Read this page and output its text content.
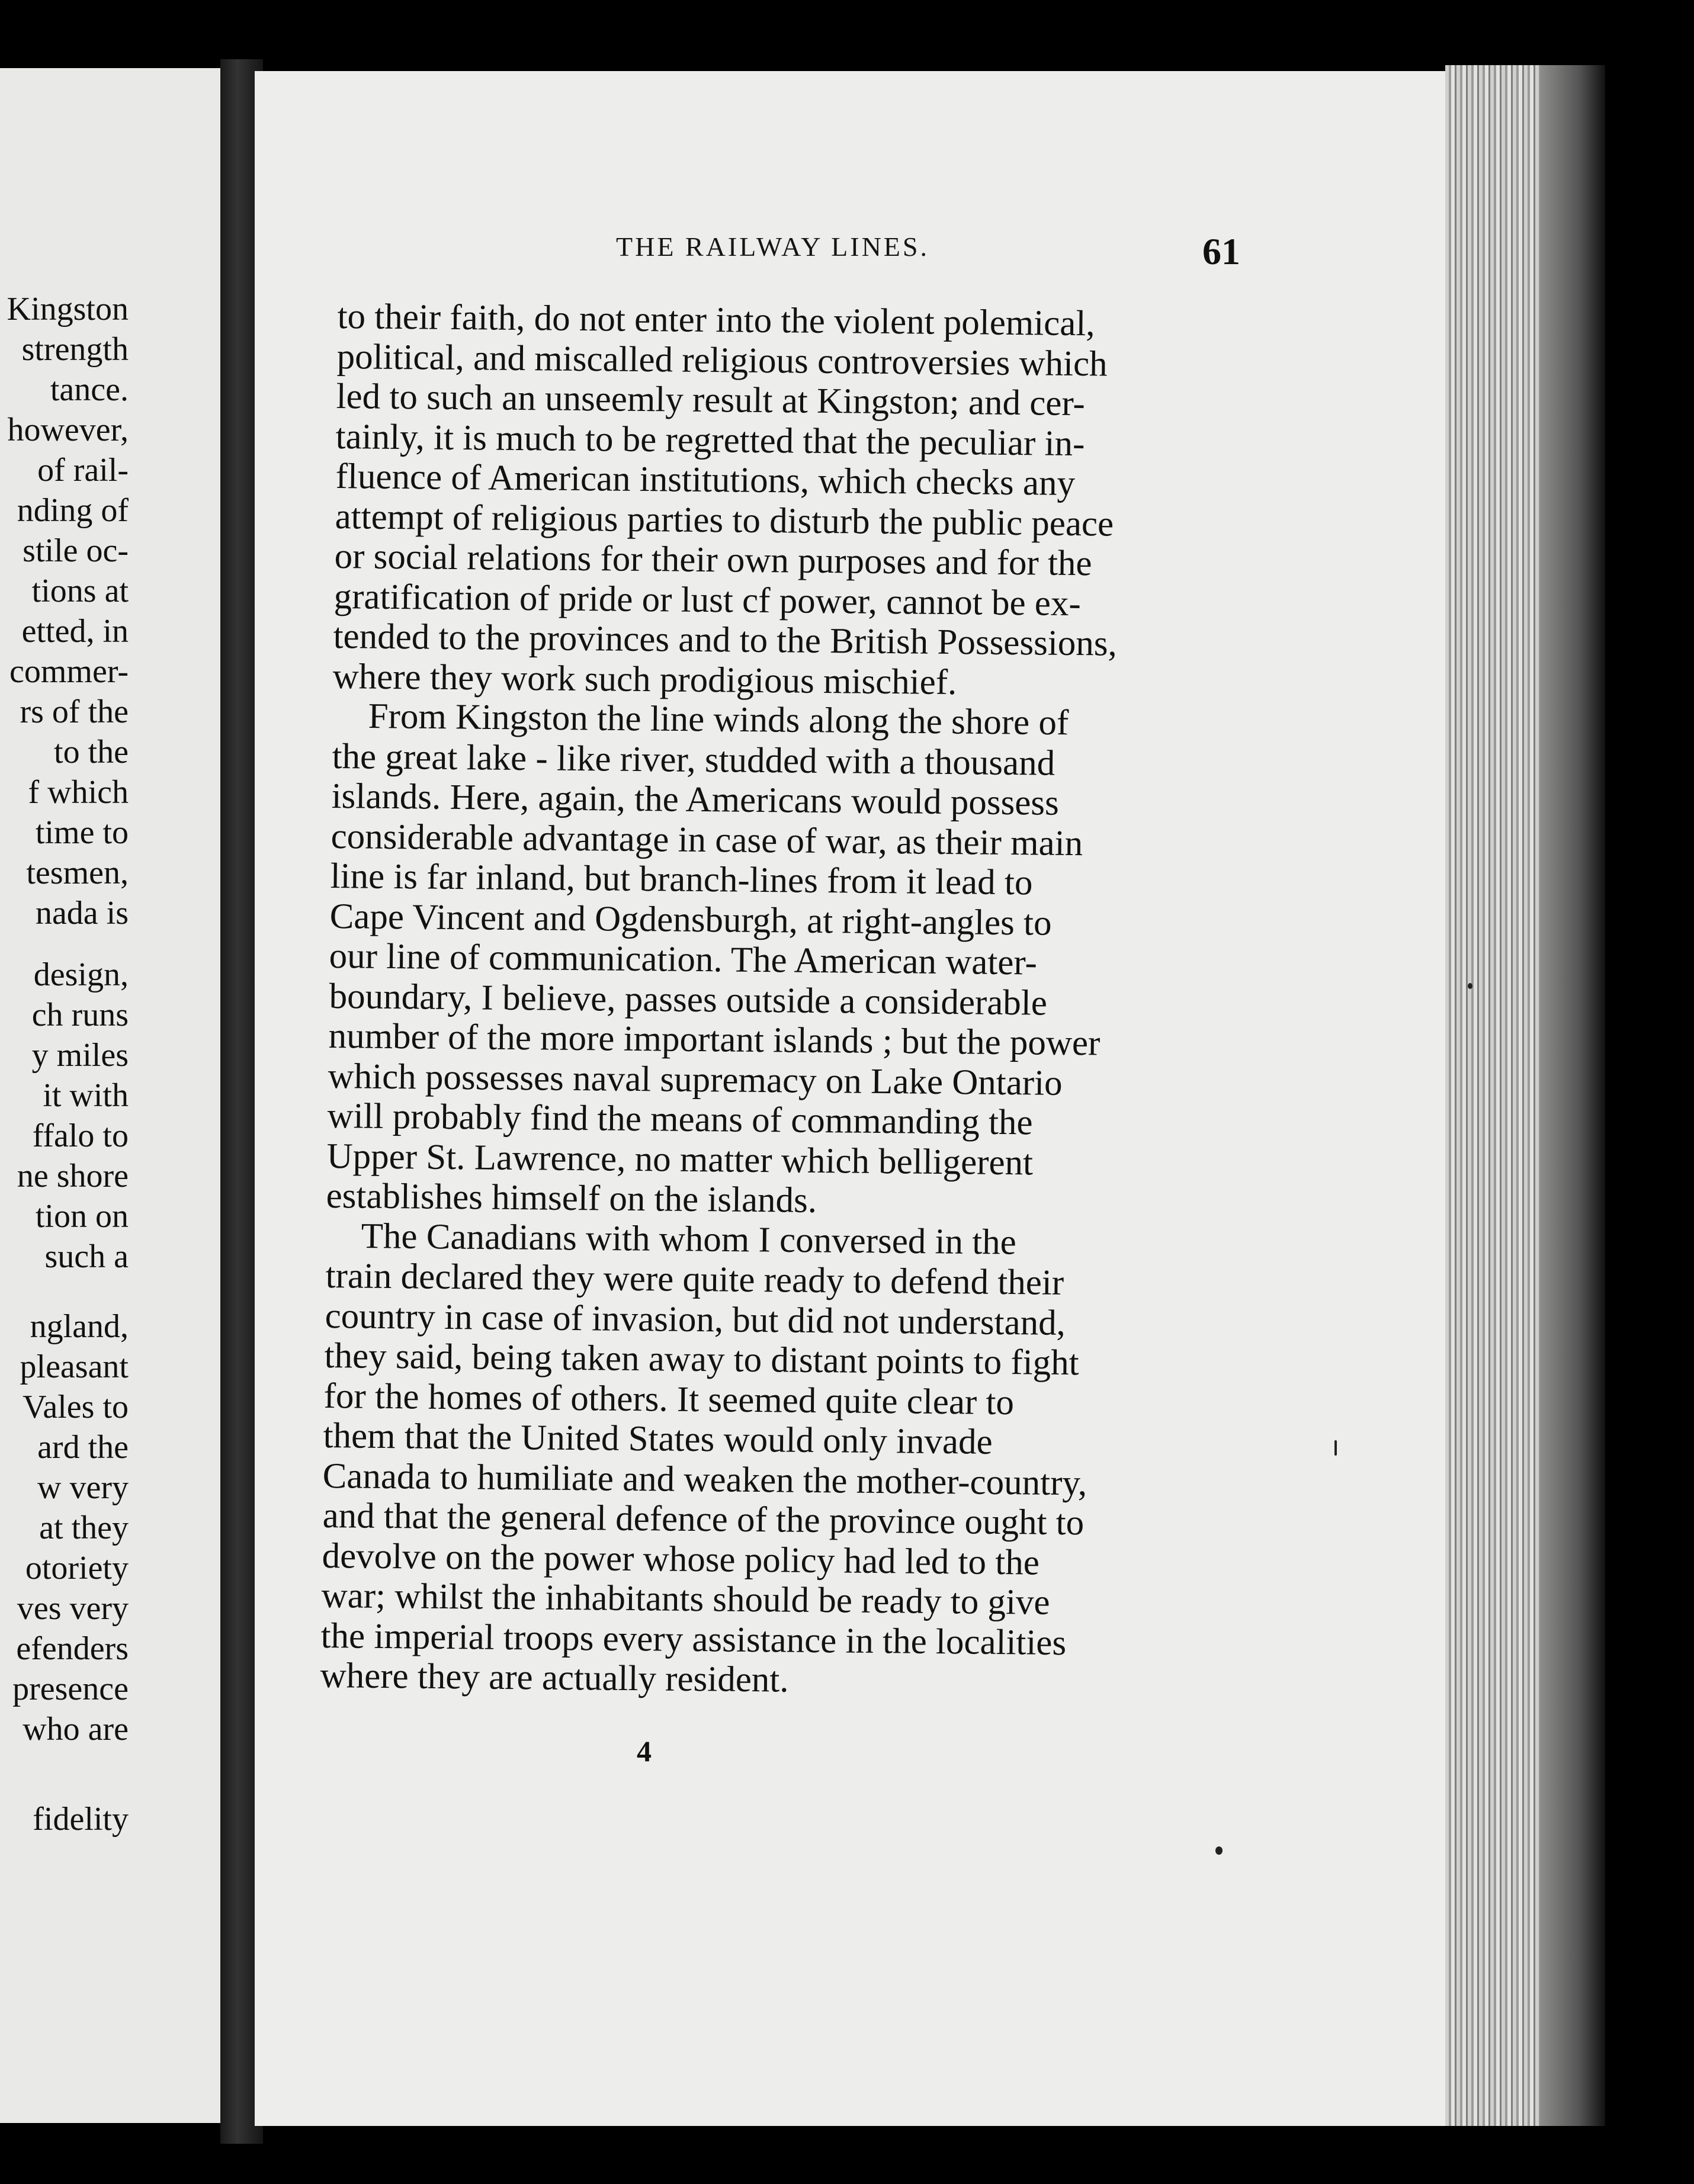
Kingston
strength
tance.
however,
of rail-
nding of
stile oc-
tions at
etted, in
commer-
rs of the
to the
f which
time to
tesmen,
nada is
design,
ch runs
y miles
it with
ffalo to
ne shore
tion on
such a
ngland,
pleasant
Vales to
ard the
w very
at they
otoriety
ves very
efenders
presence
who are
fidelity
THE RAILWAY LINES.	61
to their faith, do not enter into the violent polemical,
political, and miscalled religious controversies which
led to such an unseemly result at Kingston; and cer-
tainly, it is much to be regretted that the peculiar in-
fluence of American institutions, which checks any
attempt of religious parties to disturb the public peace
or social relations for their own purposes and for the
gratification of pride or lust cf power, cannot be ex-
tended to the provinces and to the British Possessions,
where they work such prodigious mischief.
From Kingston the line winds along the shore of
the great lake - like river, studded with a thousand
islands. Here, again, the Americans would possess
considerable advantage in case of war, as their main
line is far inland, but branch-lines from it lead to
Cape Vincent and Ogdensburgh, at right-angles to
our line of communication. The American water-
boundary, I believe, passes outside a considerable
number of the more important islands ; but the power
which possesses naval supremacy on Lake Ontario
will probably find the means of commanding the
Upper St. Lawrence, no matter which belligerent
establishes himself on the islands.
The Canadians with whom I conversed in the
train declared they were quite ready to defend their
country in case of invasion, but did not understand,
they said, being taken away to distant points to fight
for the homes of others. It seemed quite clear to
them that the United States would only invade
Canada to humiliate and weaken the mother-country,
and that the general defence of the province ought to
devolve on the power whose policy had led to the
war; whilst the inhabitants should be ready to give
the imperial troops every assistance in the localities
where they are actually resident.
4
